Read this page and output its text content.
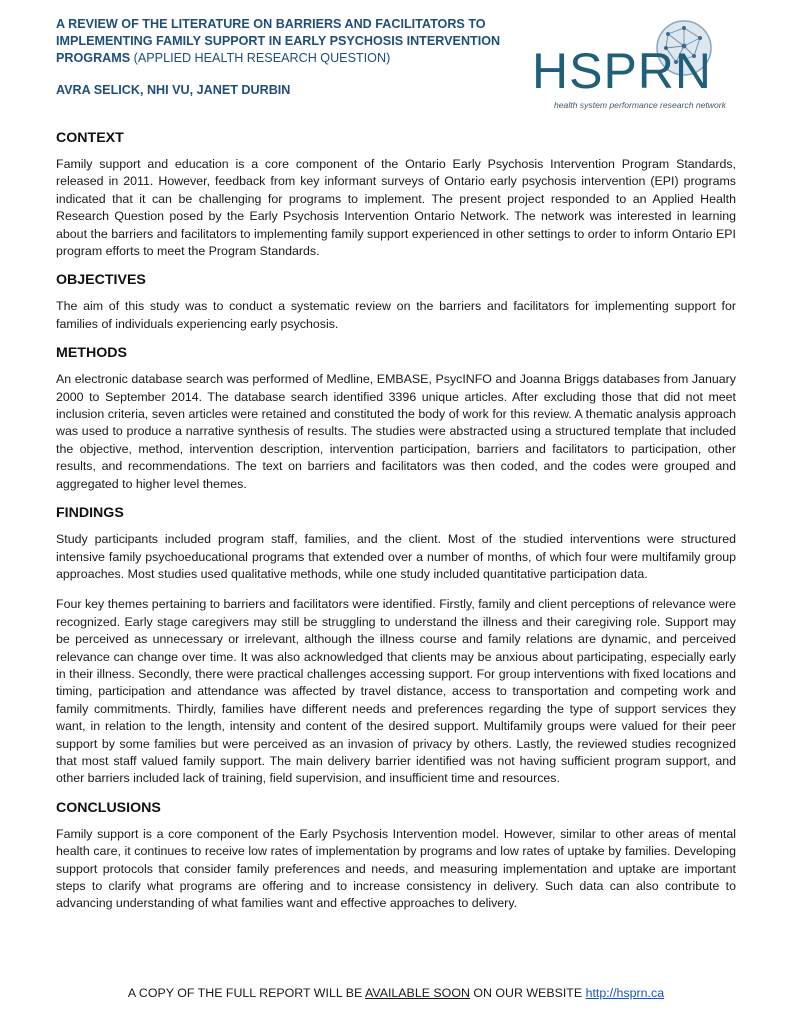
A REVIEW OF THE LITERATURE ON BARRIERS AND FACILITATORS TO IMPLEMENTING FAMILY SUPPORT IN EARLY PSYCHOSIS INTERVENTION PROGRAMS (APPLIED HEALTH RESEARCH QUESTION)

AVRA SELICK, NHI VU, JANET DURBIN	HSPRN
health system performance research network
CONTEXT

Family support and education is a core component of the Ontario Early Psychosis Intervention Program Standards, released in 2011. However, feedback from key informant surveys of Ontario early psychosis intervention (EPI) programs indicated that it can be challenging for programs to implement. The present project responded to an Applied Health Research Question posed by the Early Psychosis Intervention Ontario Network. The network was interested in learning about the barriers and facilitators to implementing family support experienced in other settings to order to inform Ontario EPI program efforts to meet the Program Standards.

OBJECTIVES

The aim of this study was to conduct a systematic review on the barriers and facilitators for implementing support for families of individuals experiencing early psychosis.

METHODS

An electronic database search was performed of Medline, EMBASE, PsycINFO and Joanna Briggs databases from January 2000 to September 2014. The database search identified 3396 unique articles. After excluding those that did not meet inclusion criteria, seven articles were retained and constituted the body of work for this review. A thematic analysis approach was used to produce a narrative synthesis of results. The studies were abstracted using a structured template that included the objective, method, intervention description, intervention participation, barriers and facilitators to participation, other results, and recommendations. The text on barriers and facilitators was then coded, and the codes were grouped and aggregated to higher level themes.

FINDINGS

Study participants included program staff, families, and the client. Most of the studied interventions were structured intensive family psychoeducational programs that extended over a number of months, of which four were multifamily group approaches. Most studies used qualitative methods, while one study included quantitative participation data.

Four key themes pertaining to barriers and facilitators were identified. Firstly, family and client perceptions of relevance were recognized. Early stage caregivers may still be struggling to understand the illness and their caregiving role. Support may be perceived as unnecessary or irrelevant, although the illness course and family relations are dynamic, and perceived relevance can change over time. It was also acknowledged that clients may be anxious about participating, especially early in their illness. Secondly, there were practical challenges accessing support. For group interventions with fixed locations and timing, participation and attendance was affected by travel distance, access to transportation and competing work and family commitments. Thirdly, families have different needs and preferences regarding the type of support services they want, in relation to the length, intensity and content of the desired support. Multifamily groups were valued for their peer support by some families but were perceived as an invasion of privacy by others. Lastly, the reviewed studies recognized that most staff valued family support. The main delivery barrier identified was not having sufficient program support, and other barriers included lack of training, field supervision, and insufficient time and resources.

CONCLUSIONS

Family support is a core component of the Early Psychosis Intervention model. However, similar to other areas of mental health care, it continues to receive low rates of implementation by programs and low rates of uptake by families. Developing support protocols that consider family preferences and needs, and measuring implementation and uptake are important steps to clarify what programs are offering and to increase consistency in delivery. Such data can also contribute to advancing understanding of what families want and effective approaches to delivery.

A COPY OF THE FULL REPORT WILL BE AVAILABLE SOON ON OUR WEBSITE http://hsprn.ca
